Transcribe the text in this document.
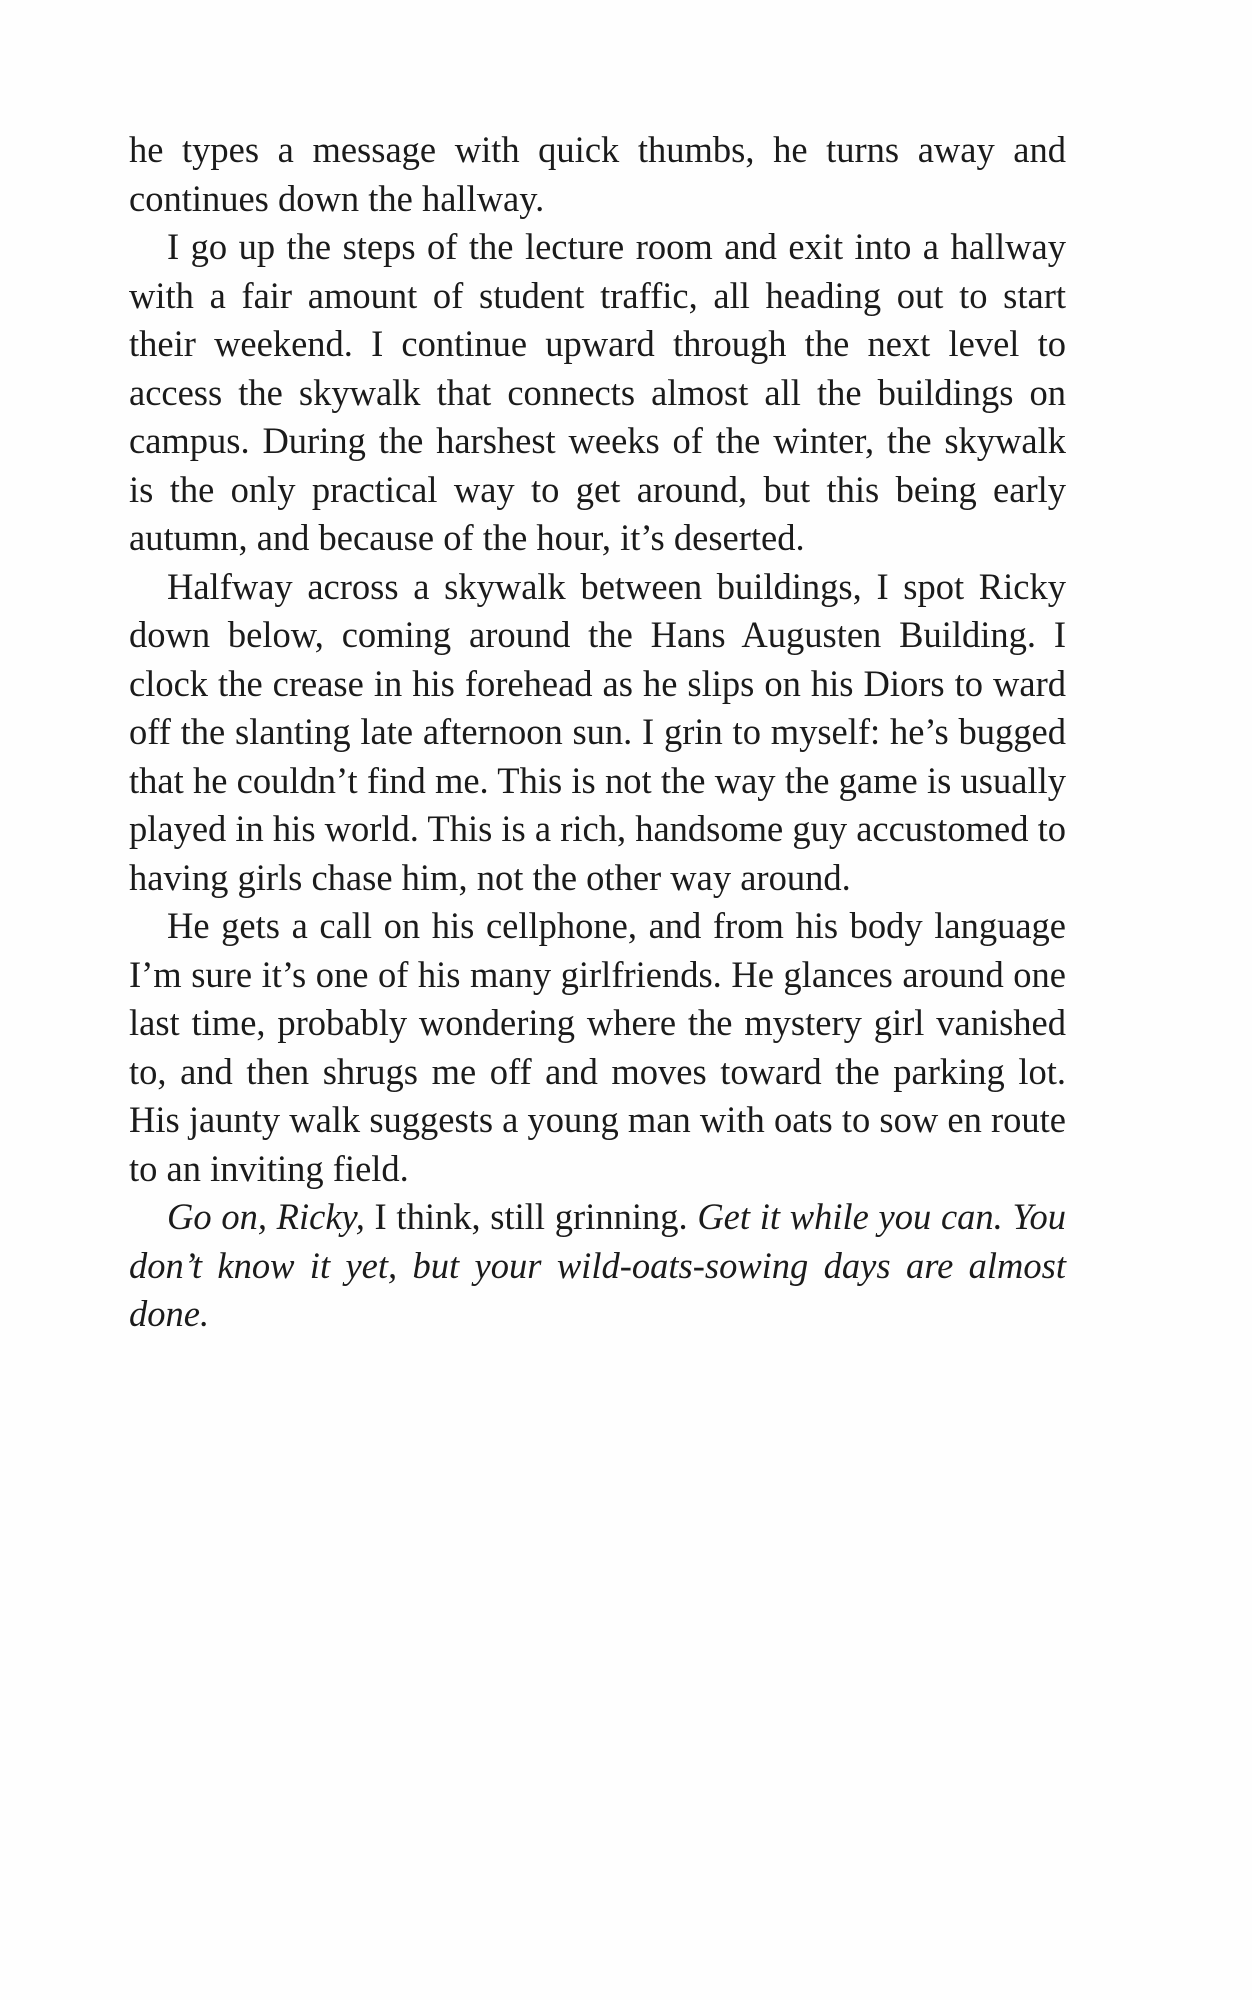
he types a message with quick thumbs, he turns away and continues down the hallway.

I go up the steps of the lecture room and exit into a hallway with a fair amount of student traffic, all heading out to start their weekend. I continue upward through the next level to access the skywalk that connects almost all the buildings on campus. During the harshest weeks of the winter, the skywalk is the only practical way to get around, but this being early autumn, and because of the hour, it’s deserted.

Halfway across a skywalk between buildings, I spot Ricky down below, coming around the Hans Augusten Building. I clock the crease in his forehead as he slips on his Diors to ward off the slanting late afternoon sun. I grin to myself: he’s bugged that he couldn’t find me. This is not the way the game is usually played in his world. This is a rich, handsome guy accustomed to having girls chase him, not the other way around.

He gets a call on his cellphone, and from his body language I’m sure it’s one of his many girlfriends. He glances around one last time, probably wondering where the mystery girl vanished to, and then shrugs me off and moves toward the parking lot. His jaunty walk suggests a young man with oats to sow en route to an inviting field.

Go on, Ricky, I think, still grinning. Get it while you can. You don’t know it yet, but your wild-oats-sowing days are almost done.
